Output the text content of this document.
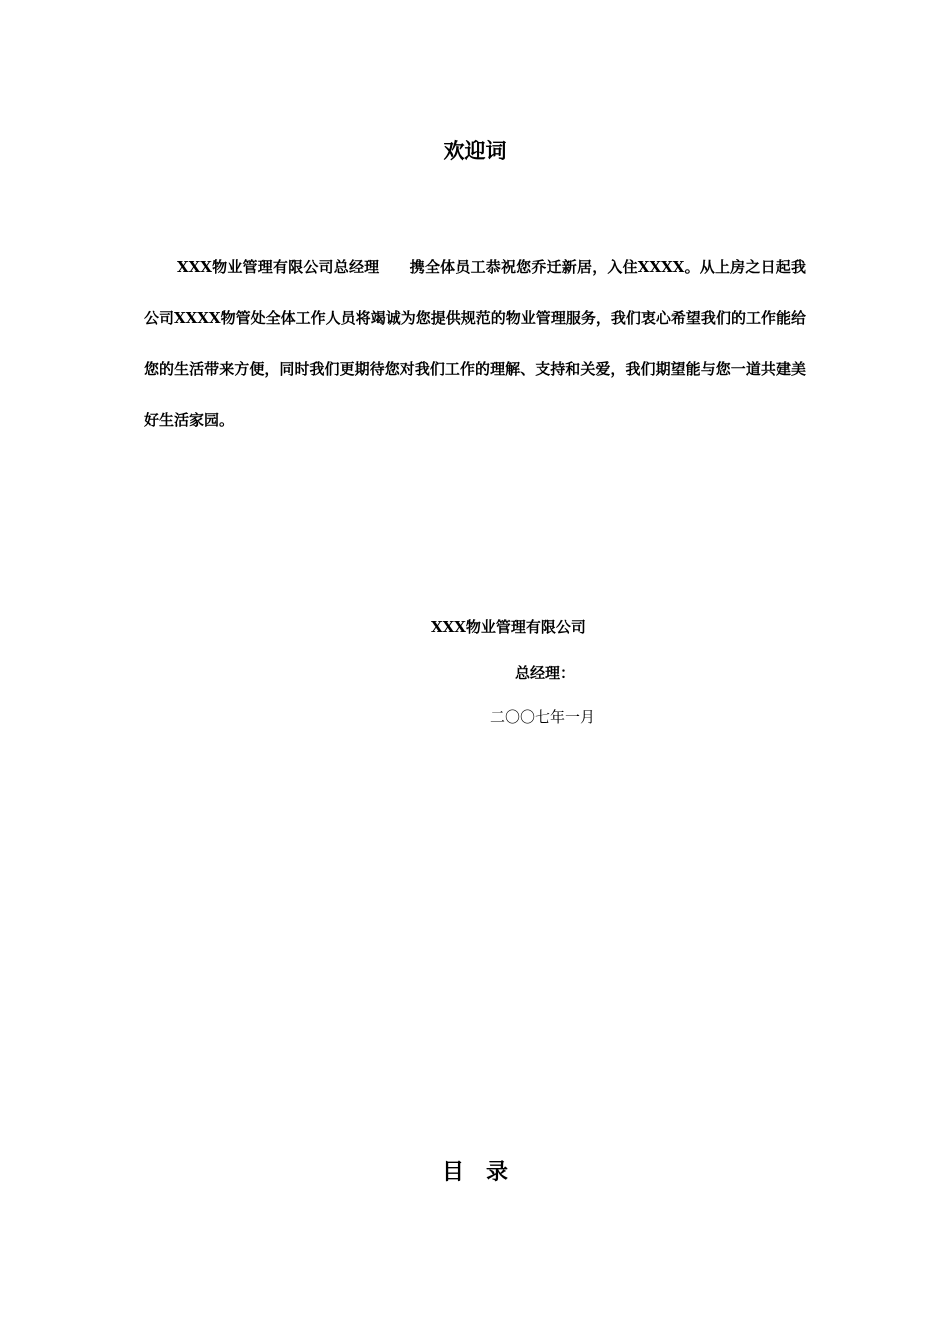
欢迎词

XXX物业管理有限公司总经理　　携全体员工恭祝您乔迁新居，入住XXXX。从上房之日起我公司XXXX物管处全体工作人员将竭诚为您提供规范的物业管理服务，我们衷心希望我们的工作能给您的生活带来方便，同时我们更期待您对我们工作的理解、支持和关爱，我们期望能与您一道共建美好生活家园。

XXX物业管理有限公司
总经理：
二〇〇七年一月
目　录
